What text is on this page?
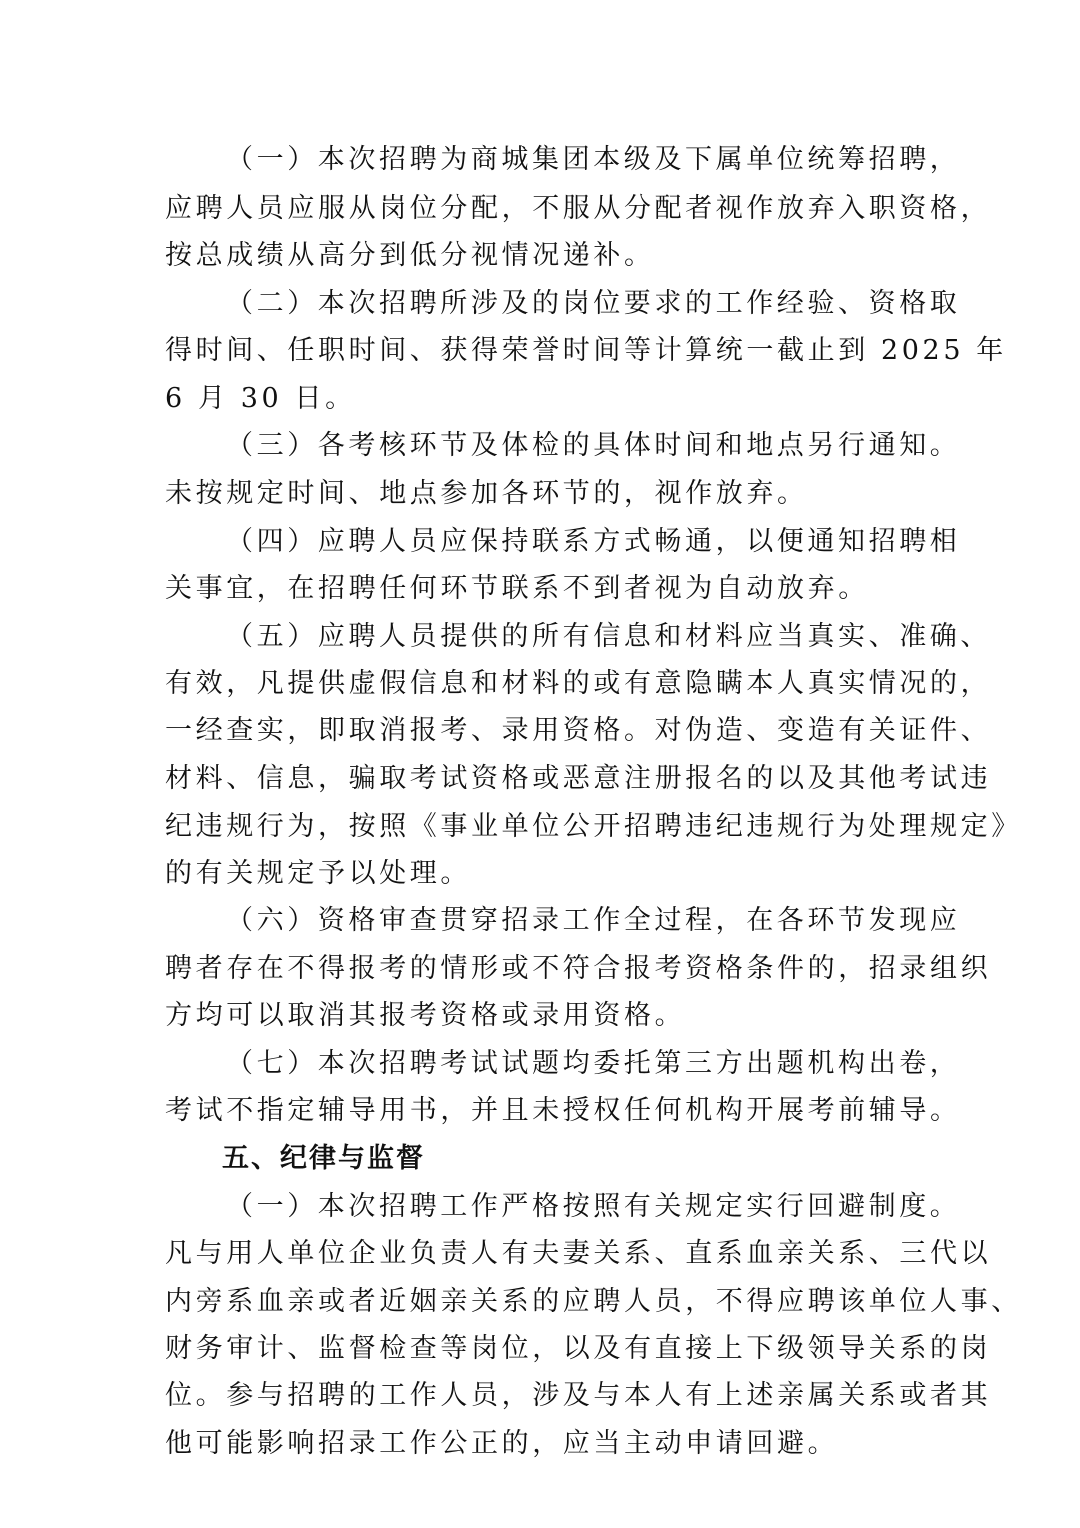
（一）本次招聘为商城集团本级及下属单位统筹招聘，
应聘人员应服从岗位分配，不服从分配者视作放弃入职资格，
按总成绩从高分到低分视情况递补。
（二）本次招聘所涉及的岗位要求的工作经验、资格取
得时间、任职时间、获得荣誉时间等计算统一截止到 2025 年
6 月 30 日。
（三）各考核环节及体检的具体时间和地点另行通知。
未按规定时间、地点参加各环节的，视作放弃。
（四）应聘人员应保持联系方式畅通，以便通知招聘相
关事宜，在招聘任何环节联系不到者视为自动放弃。
（五）应聘人员提供的所有信息和材料应当真实、准确、
有效，凡提供虚假信息和材料的或有意隐瞒本人真实情况的，
一经查实，即取消报考、录用资格。对伪造、变造有关证件、
材料、信息，骗取考试资格或恶意注册报名的以及其他考试违
纪违规行为，按照《事业单位公开招聘违纪违规行为处理规定》
的有关规定予以处理。
（六）资格审查贯穿招录工作全过程，在各环节发现应
聘者存在不得报考的情形或不符合报考资格条件的，招录组织
方均可以取消其报考资格或录用资格。
（七）本次招聘考试试题均委托第三方出题机构出卷，
考试不指定辅导用书，并且未授权任何机构开展考前辅导。
五、纪律与监督
（一）本次招聘工作严格按照有关规定实行回避制度。
凡与用人单位企业负责人有夫妻关系、直系血亲关系、三代以
内旁系血亲或者近姻亲关系的应聘人员，不得应聘该单位人事、
财务审计、监督检查等岗位，以及有直接上下级领导关系的岗
位。参与招聘的工作人员，涉及与本人有上述亲属关系或者其
他可能影响招录工作公正的，应当主动申请回避。
